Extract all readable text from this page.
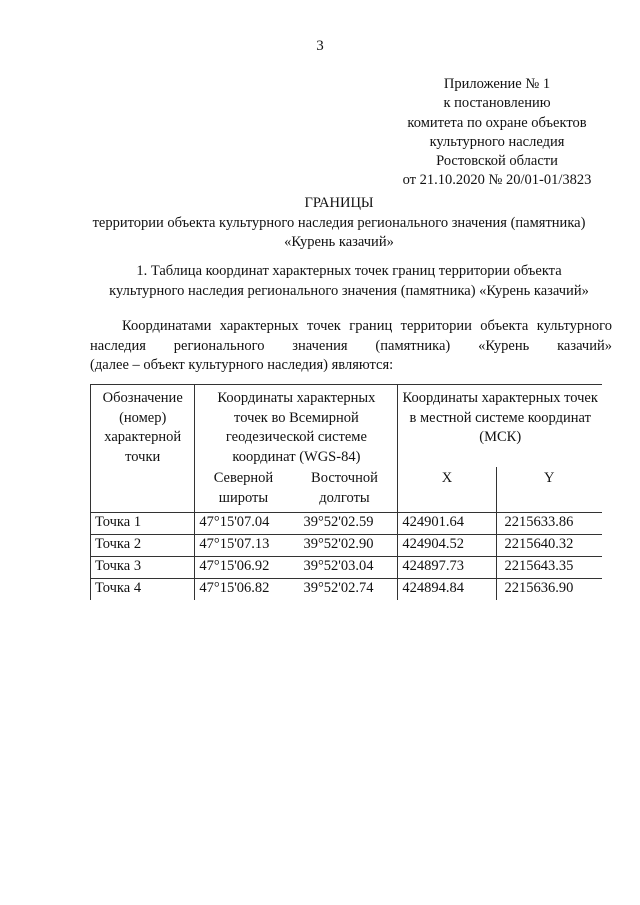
3
Приложение № 1
к постановлению
комитета по охране объектов
культурного наследия
Ростовской области
от 21.10.2020 № 20/01-01/3823
ГРАНИЦЫ
территории объекта культурного наследия регионального значения (памятника)
«Курень казачий»
1. Таблица координат характерных точек границ территории объекта
культурного наследия регионального значения (памятника) «Курень казачий»
Координатами характерных точек границ территории объекта культурного
наследия регионального значения (памятника) «Курень казачий»
(далее – объект культурного наследия) являются:
Обозначение (номер) характерной точки	Координаты характерных точек во Всемирной геодезической системе координат (WGS-84)		Координаты характерных точек в местной системе координат (МСК)	
	Северной широты	Восточной долготы	X	Y
Точка 1	47°15'07.04	39°52'02.59	424901.64	2215633.86
Точка 2	47°15'07.13	39°52'02.90	424904.52	2215640.32
Точка 3	47°15'06.92	39°52'03.04	424897.73	2215643.35
Точка 4	47°15'06.82	39°52'02.74	424894.84	2215636.90
